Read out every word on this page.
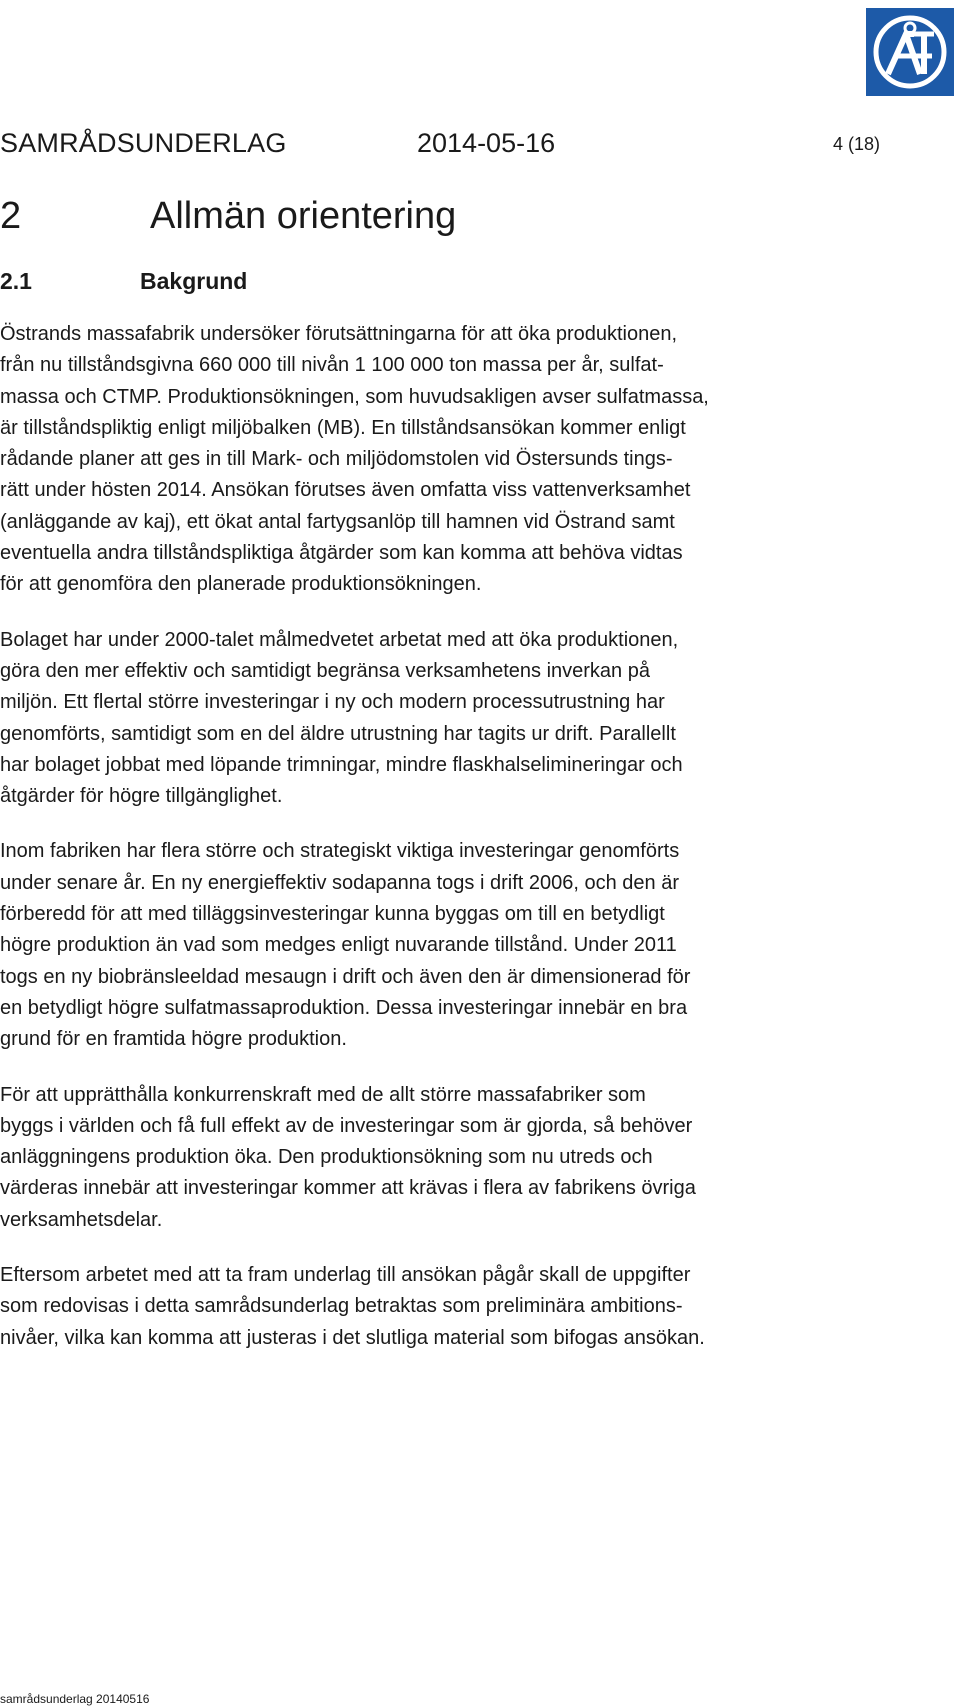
SAMRÅDSUNDERLAG	2014-05-16	4 (18)
2	Allmän orientering
2.1	Bakgrund

Östrands massafabrik undersöker förutsättningarna för att öka produktionen,
från nu tillståndsgivna 660 000 till nivån 1 100 000 ton massa per år, sulfat-
massa och CTMP. Produktionsökningen, som huvudsakligen avser sulfatmassa,
är tillståndspliktig enligt miljöbalken (MB). En tillståndsansökan kommer enligt
rådande planer att ges in till Mark- och miljödomstolen vid Östersunds tings-
rätt under hösten 2014. Ansökan förutses även omfatta viss vattenverksamhet
(anläggande av kaj), ett ökat antal fartygsanlöp till hamnen vid Östrand samt
eventuella andra tillståndspliktiga åtgärder som kan komma att behöva vidtas
för att genomföra den planerade produktionsökningen.

Bolaget har under 2000-talet målmedvetet arbetat med att öka produktionen,
göra den mer effektiv och samtidigt begränsa verksamhetens inverkan på
miljön. Ett flertal större investeringar i ny och modern processutrustning har
genomförts, samtidigt som en del äldre utrustning har tagits ur drift. Parallellt
har bolaget jobbat med löpande trimningar, mindre flaskhalselimineringar och
åtgärder för högre tillgänglighet.

Inom fabriken har flera större och strategiskt viktiga investeringar genomförts
under senare år. En ny energieffektiv sodapanna togs i drift 2006, och den är
förberedd för att med tilläggsinvesteringar kunna byggas om till en betydligt
högre produktion än vad som medges enligt nuvarande tillstånd. Under 2011
togs en ny biobränsleeldad mesaugn i drift och även den är dimensionerad för
en betydligt högre sulfatmassaproduktion. Dessa investeringar innebär en bra
grund för en framtida högre produktion.

För att upprätthålla konkurrenskraft med de allt större massafabriker som
byggs i världen och få full effekt av de investeringar som är gjorda, så behöver
anläggningens produktion öka. Den produktionsökning som nu utreds och
värderas innebär att investeringar kommer att krävas i flera av fabrikens övriga
verksamhetsdelar.

Eftersom arbetet med att ta fram underlag till ansökan pågår skall de uppgifter
som redovisas i detta samrådsunderlag betraktas som preliminära ambitions-
nivåer, vilka kan komma att justeras i det slutliga material som bifogas ansökan.

samrådsunderlag 20140516
